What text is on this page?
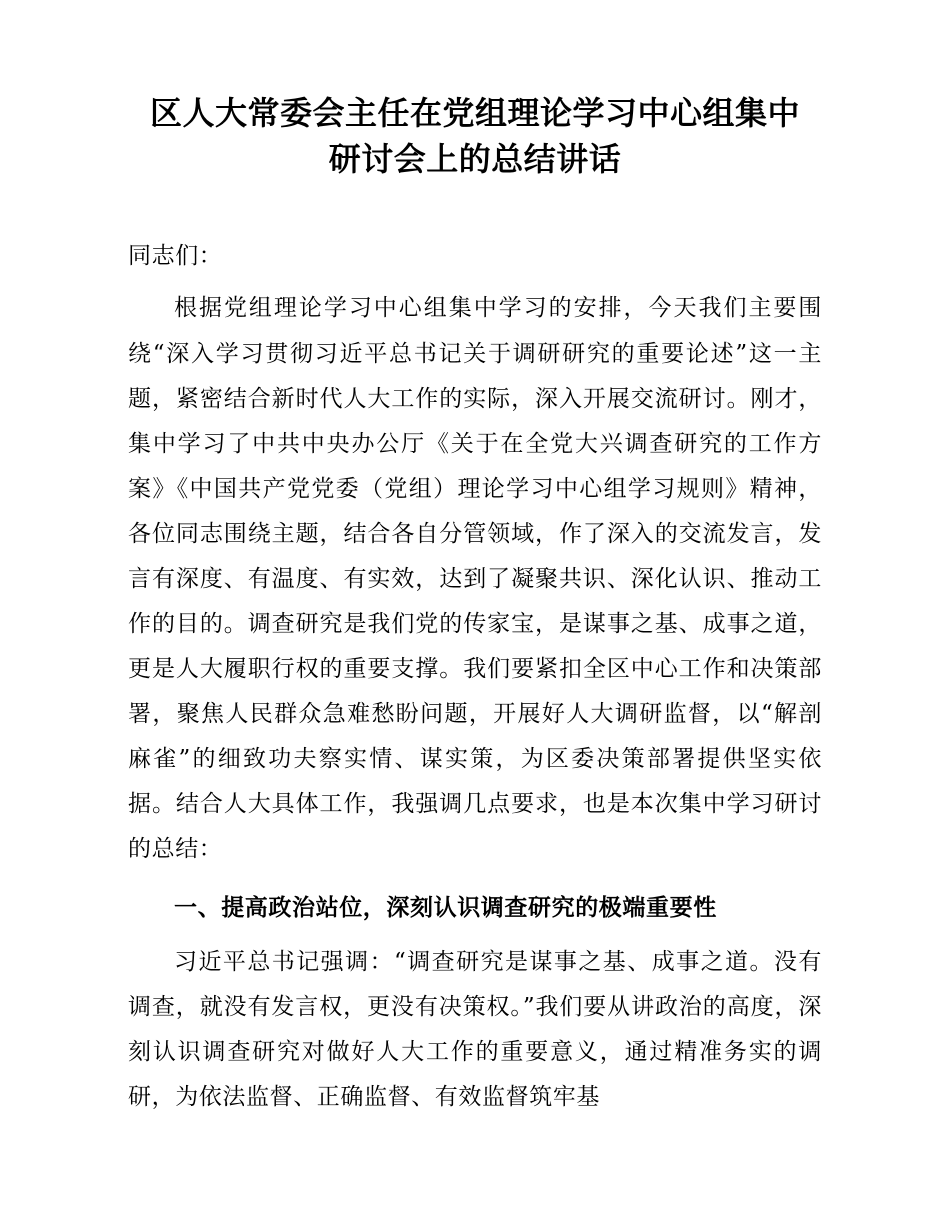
区人大常委会主任在党组理论学习中心组集中研讨会上的总结讲话

同志们：

根据党组理论学习中心组集中学习的安排，今天我们主要围绕“深入学习贯彻习近平总书记关于调研研究的重要论述”这一主题，紧密结合新时代人大工作的实际，深入开展交流研讨。刚才，集中学习了中共中央办公厅《关于在全党大兴调查研究的工作方案》《中国共产党党委（党组）理论学习中心组学习规则》精神，各位同志围绕主题，结合各自分管领域，作了深入的交流发言，发言有深度、有温度、有实效，达到了凝聚共识、深化认识、推动工作的目的。调查研究是我们党的传家宝，是谋事之基、成事之道，更是人大履职行权的重要支撑。我们要紧扣全区中心工作和决策部署，聚焦人民群众急难愁盼问题，开展好人大调研监督，以“解剖麻雀”的细致功夫察实情、谋实策，为区委决策部署提供坚实依据。结合人大具体工作，我强调几点要求，也是本次集中学习研讨的总结：

一、提高政治站位，深刻认识调查研究的极端重要性

习近平总书记强调：“调查研究是谋事之基、成事之道。没有调查，就没有发言权，更没有决策权。”我们要从讲政治的高度，深刻认识调查研究对做好人大工作的重要意义，通过精准务实的调研，为依法监督、正确监督、有效监督筑牢基
